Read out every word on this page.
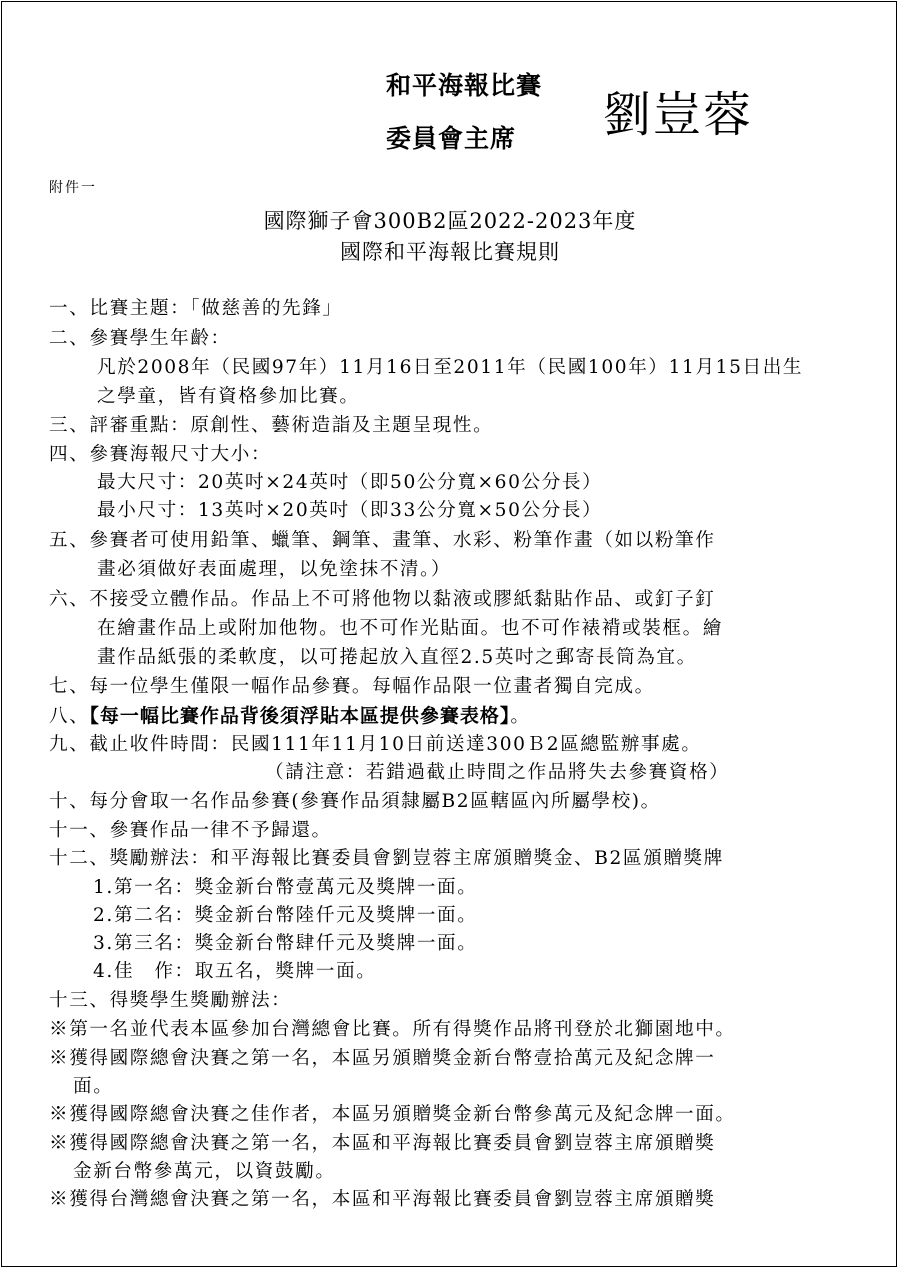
和平海報比賽
委員會主席 劉豈蓉
附件一
國際獅子會300B2區2022-2023年度
國際和平海報比賽規則
一、比賽主題：「做慈善的先鋒」
二、參賽學生年齡：
凡於2008年（民國97年）11月16日至2011年（民國100年）11月15日出生
之學童，皆有資格參加比賽。
三、評審重點：原創性、藝術造詣及主題呈現性。
四、參賽海報尺寸大小：
最大尺寸：20英吋×24英吋（即50公分寬×60公分長）
最小尺寸：13英吋×20英吋（即33公分寬×50公分長）
五、參賽者可使用鉛筆、蠟筆、鋼筆、畫筆、水彩、粉筆作畫（如以粉筆作
畫必須做好表面處理，以免塗抹不清。）
六、不接受立體作品。作品上不可將他物以黏液或膠紙黏貼作品、或釘子釘
在繪畫作品上或附加他物。也不可作光貼面。也不可作裱褙或裝框。繪
畫作品紙張的柔軟度，以可捲起放入直徑2.5英吋之郵寄長筒為宜。
七、每一位學生僅限一幅作品參賽。每幅作品限一位畫者獨自完成。
八、【每一幅比賽作品背後須浮貼本區提供參賽表格】。
九、截止收件時間：民國111年11月10日前送達300Ｂ2區總監辦事處。
（請注意：若錯過截止時間之作品將失去參賽資格）
十、每分會取一名作品參賽(參賽作品須隸屬B2區轄區內所屬學校)。
十一、參賽作品一律不予歸還。
十二、獎勵辦法：和平海報比賽委員會劉豈蓉主席頒贈獎金、B2區頒贈獎牌
1.第一名：獎金新台幣壹萬元及獎牌一面。
2.第二名：獎金新台幣陸仟元及獎牌一面。
3.第三名：獎金新台幣肆仟元及獎牌一面。
4.佳　作：取五名，獎牌一面。
十三、得獎學生獎勵辦法：
※第一名並代表本區參加台灣總會比賽。所有得獎作品將刊登於北獅園地中。
※獲得國際總會決賽之第一名，本區另頒贈獎金新台幣壹拾萬元及紀念牌一
面。
※獲得國際總會決賽之佳作者，本區另頒贈獎金新台幣參萬元及紀念牌一面。
※獲得國際總會決賽之第一名，本區和平海報比賽委員會劉豈蓉主席頒贈獎
金新台幣參萬元，以資鼓勵。
※獲得台灣總會決賽之第一名，本區和平海報比賽委員會劉豈蓉主席頒贈獎
